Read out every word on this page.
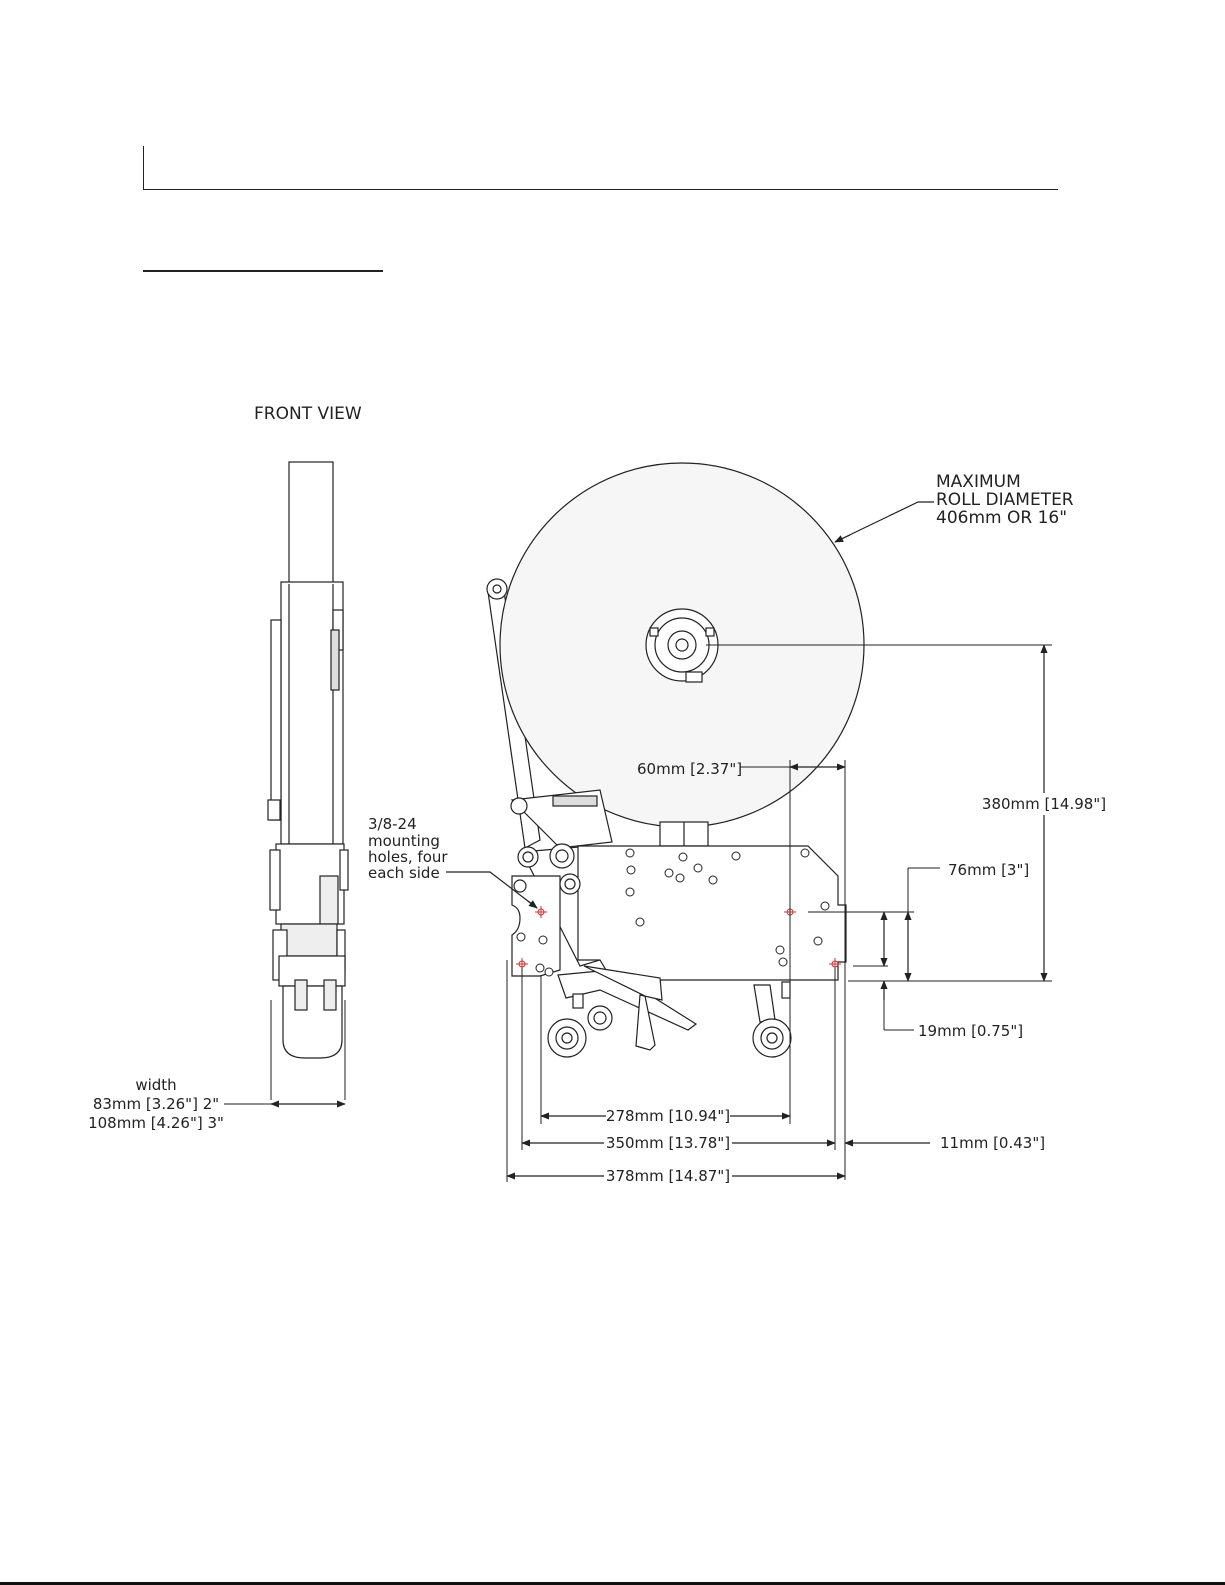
FRONT VIEW
width
83mm [3.26"] 2"
108mm [4.26"] 3"
60mm [2.37"]
380mm [14.98"]
76mm [3"]
19mm [0.75"]
278mm [10.94"]
350mm [13.78"]	11mm [0.43"]
378mm [14.87"]
MAXIMUM
ROLL DIAMETER
406mm OR 16"
3/8-24
mounting
holes, four
each side
